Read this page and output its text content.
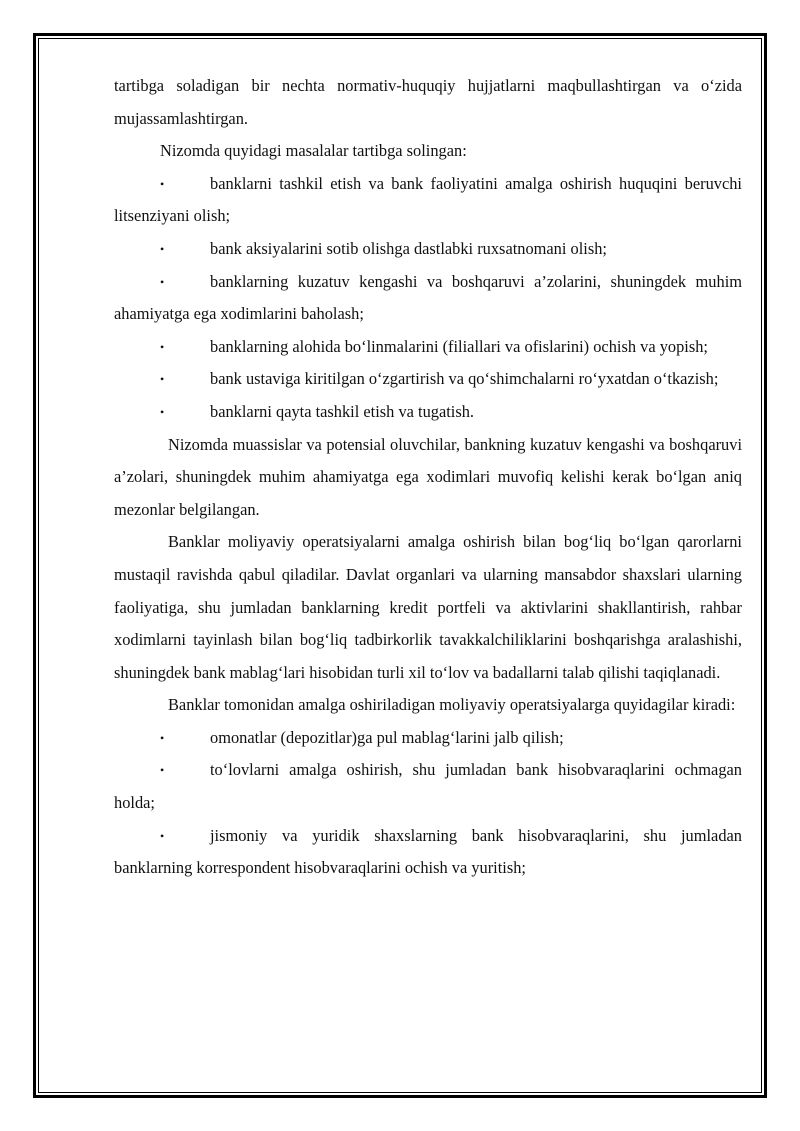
tartibga soladigan bir nechta normativ-huquqiy hujjatlarni maqbullashtirgan va o‘zida mujassamlashtirgan.

Nizomda quyidagi masalalar tartibga solingan:

•	banklarni tashkil etish va bank faoliyatini amalga oshirish huquqini beruvchi litsenziyani olish;

•	bank aksiyalarini sotib olishga dastlabki ruxsatnomani olish;

•	banklarning kuzatuv kengashi va boshqaruvi a’zolarini, shuningdek muhim ahamiyatga ega xodimlarini baholash;

•	banklarning alohida bo‘linmalarini (filiallari va ofislarini) ochish va yopish;

•	bank ustaviga kiritilgan o‘zgartirish va qo‘shimchalarni ro‘yxatdan o‘tkazish;

•	banklarni qayta tashkil etish va tugatish.

Nizomda muassislar va potensial oluvchilar, bankning kuzatuv kengashi va boshqaruvi a’zolari, shuningdek muhim ahamiyatga ega xodimlari muvofiq kelishi kerak bo‘lgan aniq mezonlar belgilangan.

Banklar moliyaviy operatsiyalarni amalga oshirish bilan bog‘liq bo‘lgan qarorlarni mustaqil ravishda qabul qiladilar. Davlat organlari va ularning mansabdor shaxslari ularning faoliyatiga, shu jumladan banklarning kredit portfeli va aktivlarini shakllantirish, rahbar xodimlarni tayinlash bilan bog‘liq tadbirkorlik tavakkalchiliklarini boshqarishga aralashishi, shuningdek bank mablag‘lari hisobidan turli xil to‘lov va badallarni talab qilishi taqiqlanadi.

Banklar tomonidan amalga oshiriladigan moliyaviy operatsiyalarga quyidagilar kiradi:

•	omonatlar (depozitlar)ga pul mablag‘larini jalb qilish;

•	to‘lovlarni amalga oshirish, shu jumladan bank hisobvaraqlarini ochmagan holda;

•	jismoniy va yuridik shaxslarning bank hisobvaraqlarini, shu jumladan banklarning korrespondent hisobvaraqlarini ochish va yuritish;
